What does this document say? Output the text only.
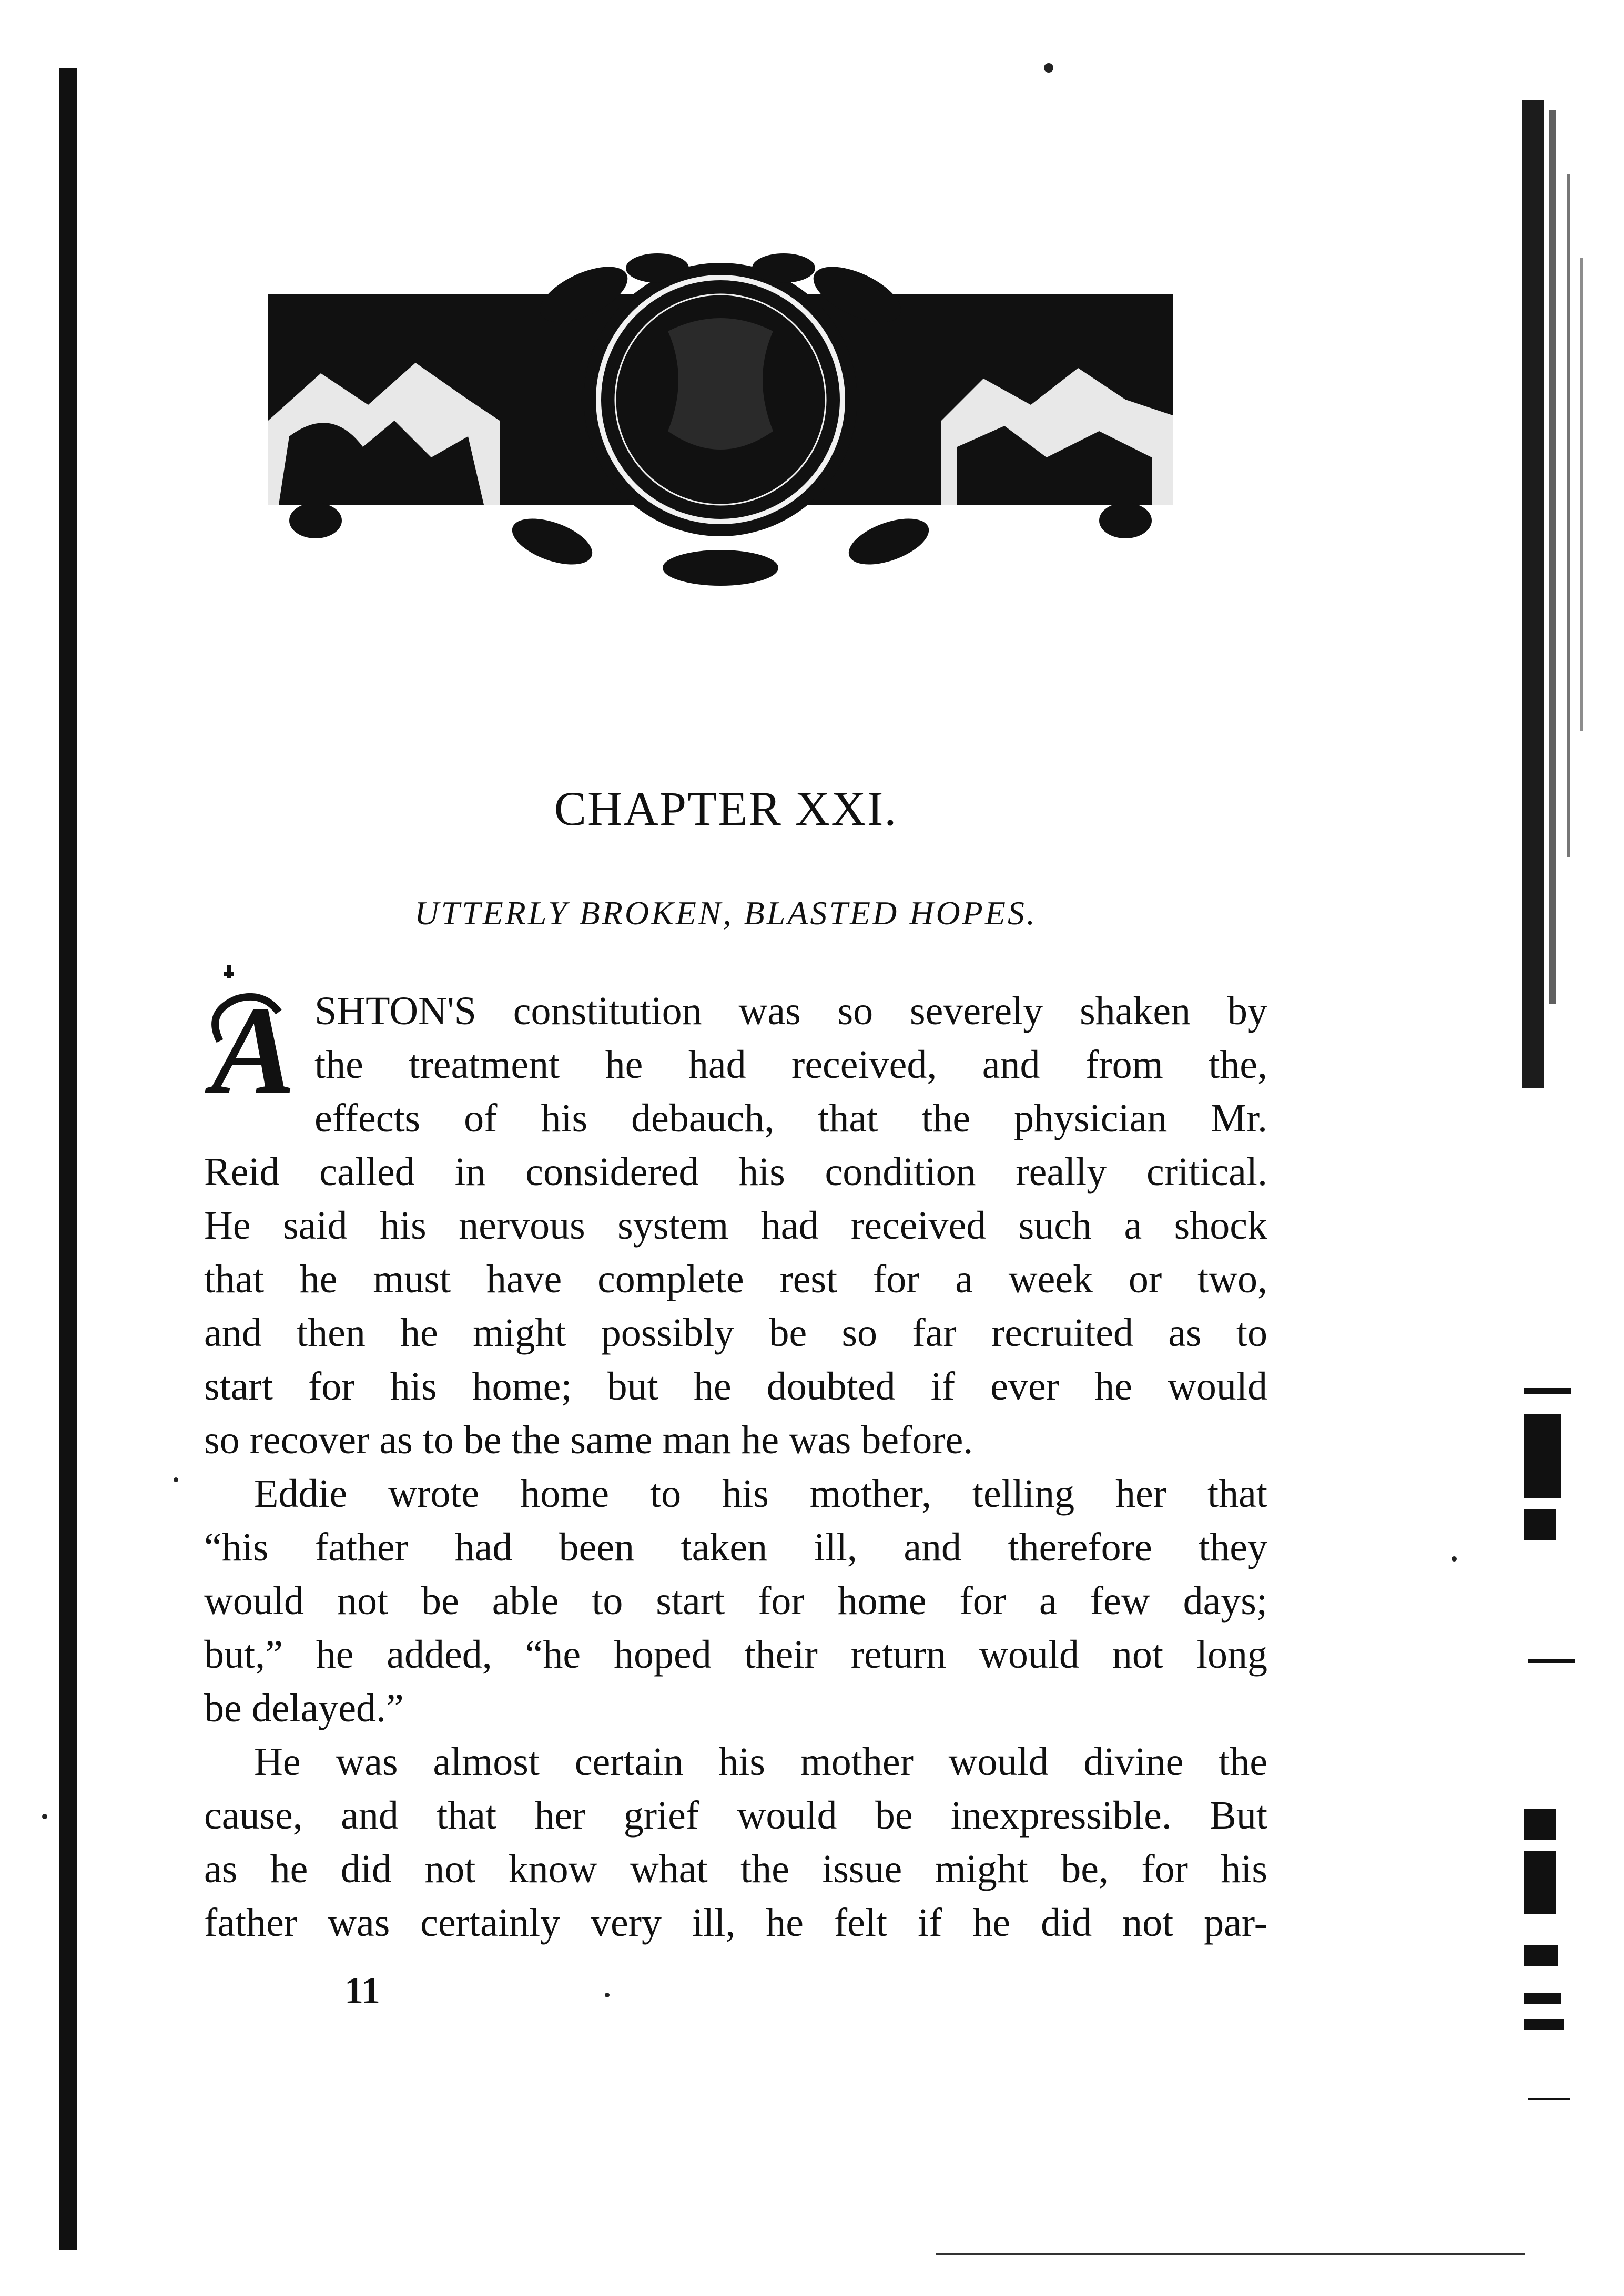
CHAPTER XXI.
UTTERLY BROKEN, BLASTED HOPES.
A SHTON'S constitution was so severely shaken by
the treatment he had received, and from the,
effects of his debauch, that the physician Mr.
Reid called in considered his condition really critical.
He said his nervous system had received such a shock
that he must have complete rest for a week or two,
and then he might possibly be so far recruited as to
start for his home; but he doubted if ever he would
so recover as to be the same man he was before.
Eddie wrote home to his mother, telling her that
“his father had been taken ill, and therefore they
would not be able to start for home for a few days;
but,” he added, “he hoped their return would not long
be delayed.”
He was almost certain his mother would divine the
cause, and that her grief would be inexpressible. But
as he did not know what the issue might be, for his
father was certainly very ill, he felt if he did not par-
11
